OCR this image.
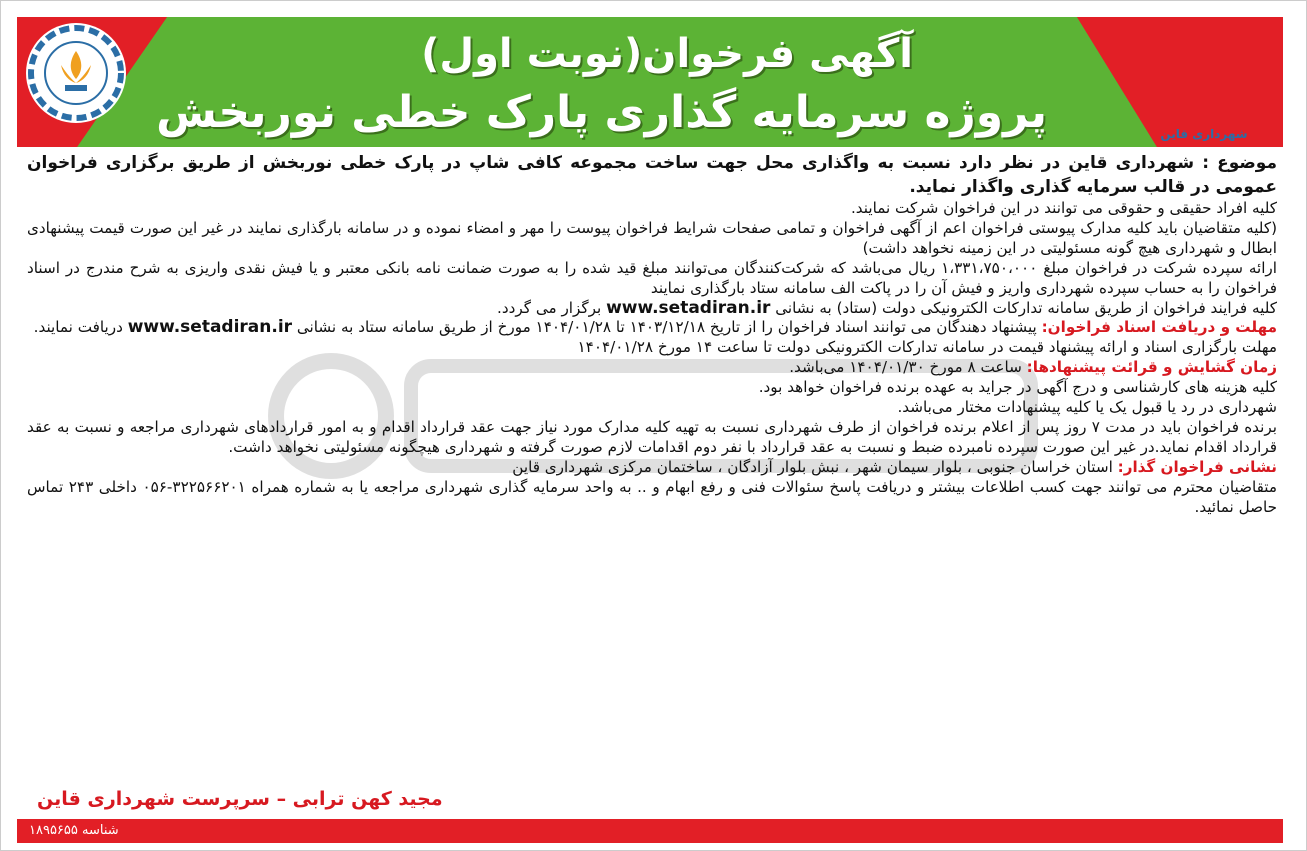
آگهی فرخوان(نوبت اول)
پروژه سرمایه گذاری پارک خطی نوربخش	شهرداری قاین

موضوع : شهرداری قاین در نظر دارد نسبت به واگذاری محل جهت ساخت مجموعه کافی شاپ در پارک خطی نوربخش از طریق برگزاری فراخوان عمومی در قالب سرمایه گذاری واگذار نماید.

کلیه افراد حقیقی و حقوقی می توانند در این فراخوان شرکت نمایند.

(کلیه متقاضیان باید کلیه مدارک پیوستی فراخوان اعم از آگهی فراخوان و تمامی صفحات شرایط فراخوان پیوست را مهر و امضاء نموده و در سامانه بارگذاری نمایند در غیر این صورت قیمت پیشنهادی ابطال و شهرداری هیچ گونه مسئولیتی در این زمینه نخواهد داشت)

ارائه سپرده شرکت در فراخوان مبلغ ۱،۳۳۱،۷۵۰،۰۰۰ ریال می‌باشد که شرکت‌کنندگان می‌توانند مبلغ قید شده را به صورت ضمانت نامه بانکی معتبر و یا فیش نقدی واریزی به شرح مندرج در اسناد فراخوان را به حساب سپرده شهرداری واریز و فیش آن را در پاکت الف سامانه ستاد بارگذاری نمایند

کلیه فرایند فراخوان از طریق سامانه تدارکات الکترونیکی دولت (ستاد) به نشانی www.setadiran.ir برگزار می گردد.

مهلت و دریافت اسناد فراخوان: پیشنهاد دهندگان می توانند اسناد فراخوان را از تاریخ ۱۴۰۳/۱۲/۱۸ تا ۱۴۰۴/۰۱/۲۸ مورخ از طریق سامانه ستاد به نشانی www.setadiran.ir دریافت نمایند.

مهلت بارگزاری اسناد و ارائه پیشنهاد قیمت در سامانه تدارکات الکترونیکی دولت تا ساعت ۱۴ مورخ ۱۴۰۴/۰۱/۲۸

زمان گشایش و قرائت پیشنهادها: ساعت ۸ مورخ ۱۴۰۴/۰۱/۳۰ می‌باشد.

کلیه هزینه های کارشناسی و درج آگهی در جراید به عهده برنده فراخوان خواهد بود.

شهرداری در رد یا قبول یک یا کلیه پیشنهادات مختار می‌باشد.

برنده فراخوان باید در مدت ۷ روز پس از اعلام برنده فراخوان از طرف شهرداری نسبت به تهیه کلیه مدارک مورد نیاز جهت عقد قرارداد اقدام و به امور قراردادهای شهرداری مراجعه و نسبت به عقد قرارداد اقدام نماید.در غیر این صورت سپرده نامبرده ضبط و نسبت به عقد قرارداد با نفر دوم اقدامات لازم صورت گرفته و شهرداری هیچگونه مسئولیتی نخواهد داشت.

نشانی فراخوان گذار: استان خراسان جنوبی ، بلوار سیمان شهر ، نبش بلوار آزادگان ، ساختمان مرکزی شهرداری قاین

متقاضیان محترم می توانند جهت کسب اطلاعات بیشتر و دریافت پاسخ سئوالات فنی و رفع ابهام و .. به واحد سرمایه گذاری شهرداری مراجعه یا به شماره همراه ۳۲۲۵۶۶۲۰۱-۰۵۶ داخلی ۲۴۳ تماس حاصل نمائید.

مجید کهن ترابی – سرپرست شهرداری قاین
شناسه ۱۸۹۵۶۵۵
